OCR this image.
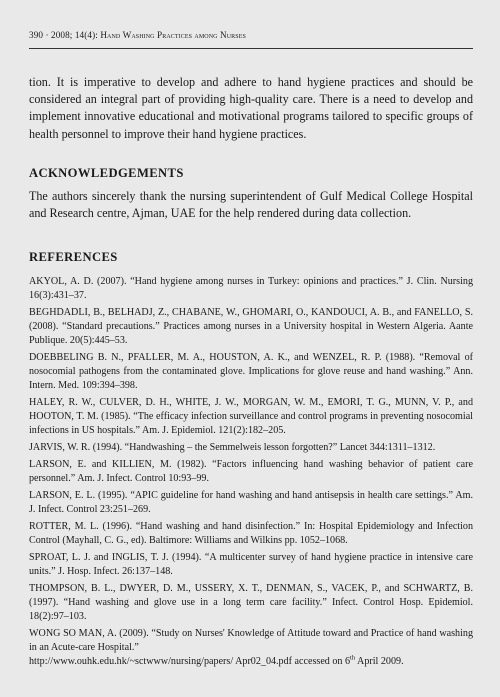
390 · 2008; 14(4): Hand Washing Practices among Nurses

tion. It is imperative to develop and adhere to hand hygiene practices and should be considered an integral part of providing high-quality care. There is a need to develop and implement innovative educational and motivational programs tailored to specific groups of health personnel to improve their hand hygiene practices.

ACKNOWLEDGEMENTS

The authors sincerely thank the nursing superintendent of Gulf Medical College Hospital and Research centre, Ajman, UAE for the help rendered during data collection.

REFERENCES
AKYOL, A. D. (2007). “Hand hygiene among nurses in Turkey: opinions and practices.” J. Clin. Nursing 16(3):431–37.
BEGHDADLI, B., BELHADJ, Z., CHABANE, W., GHOMARI, O., KANDOUCI, A. B., and FANELLO, S. (2008). “Standard precautions.” Practices among nurses in a University hospital in Western Algeria. Aante Publique. 20(5):445–53.
DOEBBELING B. N., PFALLER, M. A., HOUSTON, A. K., and WENZEL, R. P. (1988). “Removal of nosocomial pathogens from the contaminated glove. Implications for glove reuse and hand washing.” Ann. Intern. Med. 109:394–398.
HALEY, R. W., CULVER, D. H., WHITE, J. W., MORGAN, W. M., EMORI, T. G., MUNN, V. P., and HOOTON, T. M. (1985). “The efficacy infection surveillance and control programs in preventing nosocomial infections in US hospitals.” Am. J. Epidemiol. 121(2):182–205.
JARVIS, W. R. (1994). “Handwashing – the Semmelweis lesson forgotten?” Lancet 344:1311–1312.
LARSON, E. and KILLIEN, M. (1982). “Factors influencing hand washing behavior of patient care personnel.” Am. J. Infect. Control 10:93–99.
LARSON, E. L. (1995). “APIC guideline for hand washing and hand antisepsis in health care settings.” Am. J. Infect. Control 23:251–269.
ROTTER, M. L. (1996). “Hand washing and hand disinfection.” In: Hospital Epidemiology and Infection Control (Mayhall, C. G., ed). Baltimore: Williams and Wilkins pp. 1052–1068.
SPROAT, L. J. and INGLIS, T. J. (1994). “A multicenter survey of hand hygiene practice in intensive care units.” J. Hosp. Infect. 26:137–148.
THOMPSON, B. L., DWYER, D. M., USSERY, X. T., DENMAN, S., VACEK, P., and SCHWARTZ, B. (1997). “Hand washing and glove use in a long term care facility.” Infect. Control Hosp. Epidemiol. 18(2):97–103.
WONG SO MAN, A. (2009). “Study on Nurses' Knowledge of Attitude toward and Practice of hand washing in an Acute-care Hospital.”
http://www.ouhk.edu.hk/~sctwww/nursing/papers/ Apr02_04.pdf accessed on 6th April 2009.
